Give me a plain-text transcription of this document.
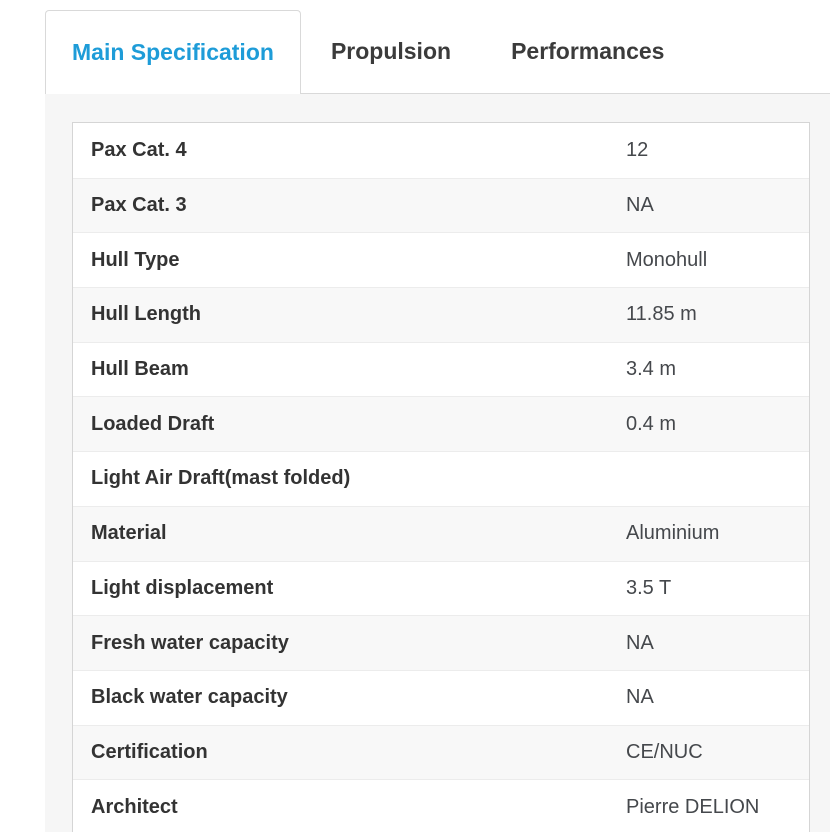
Main Specification	Propulsion	Performances
Pax Cat. 4	12
Pax Cat. 3	NA
Hull Type	Monohull
Hull Length	11.85 m
Hull Beam	3.4 m
Loaded Draft	0.4 m
Light Air Draft(mast folded)
Material	Aluminium
Light displacement	3.5 T
Fresh water capacity	NA
Black water capacity	NA
Certification	CE/NUC
Architect	Pierre DELION
